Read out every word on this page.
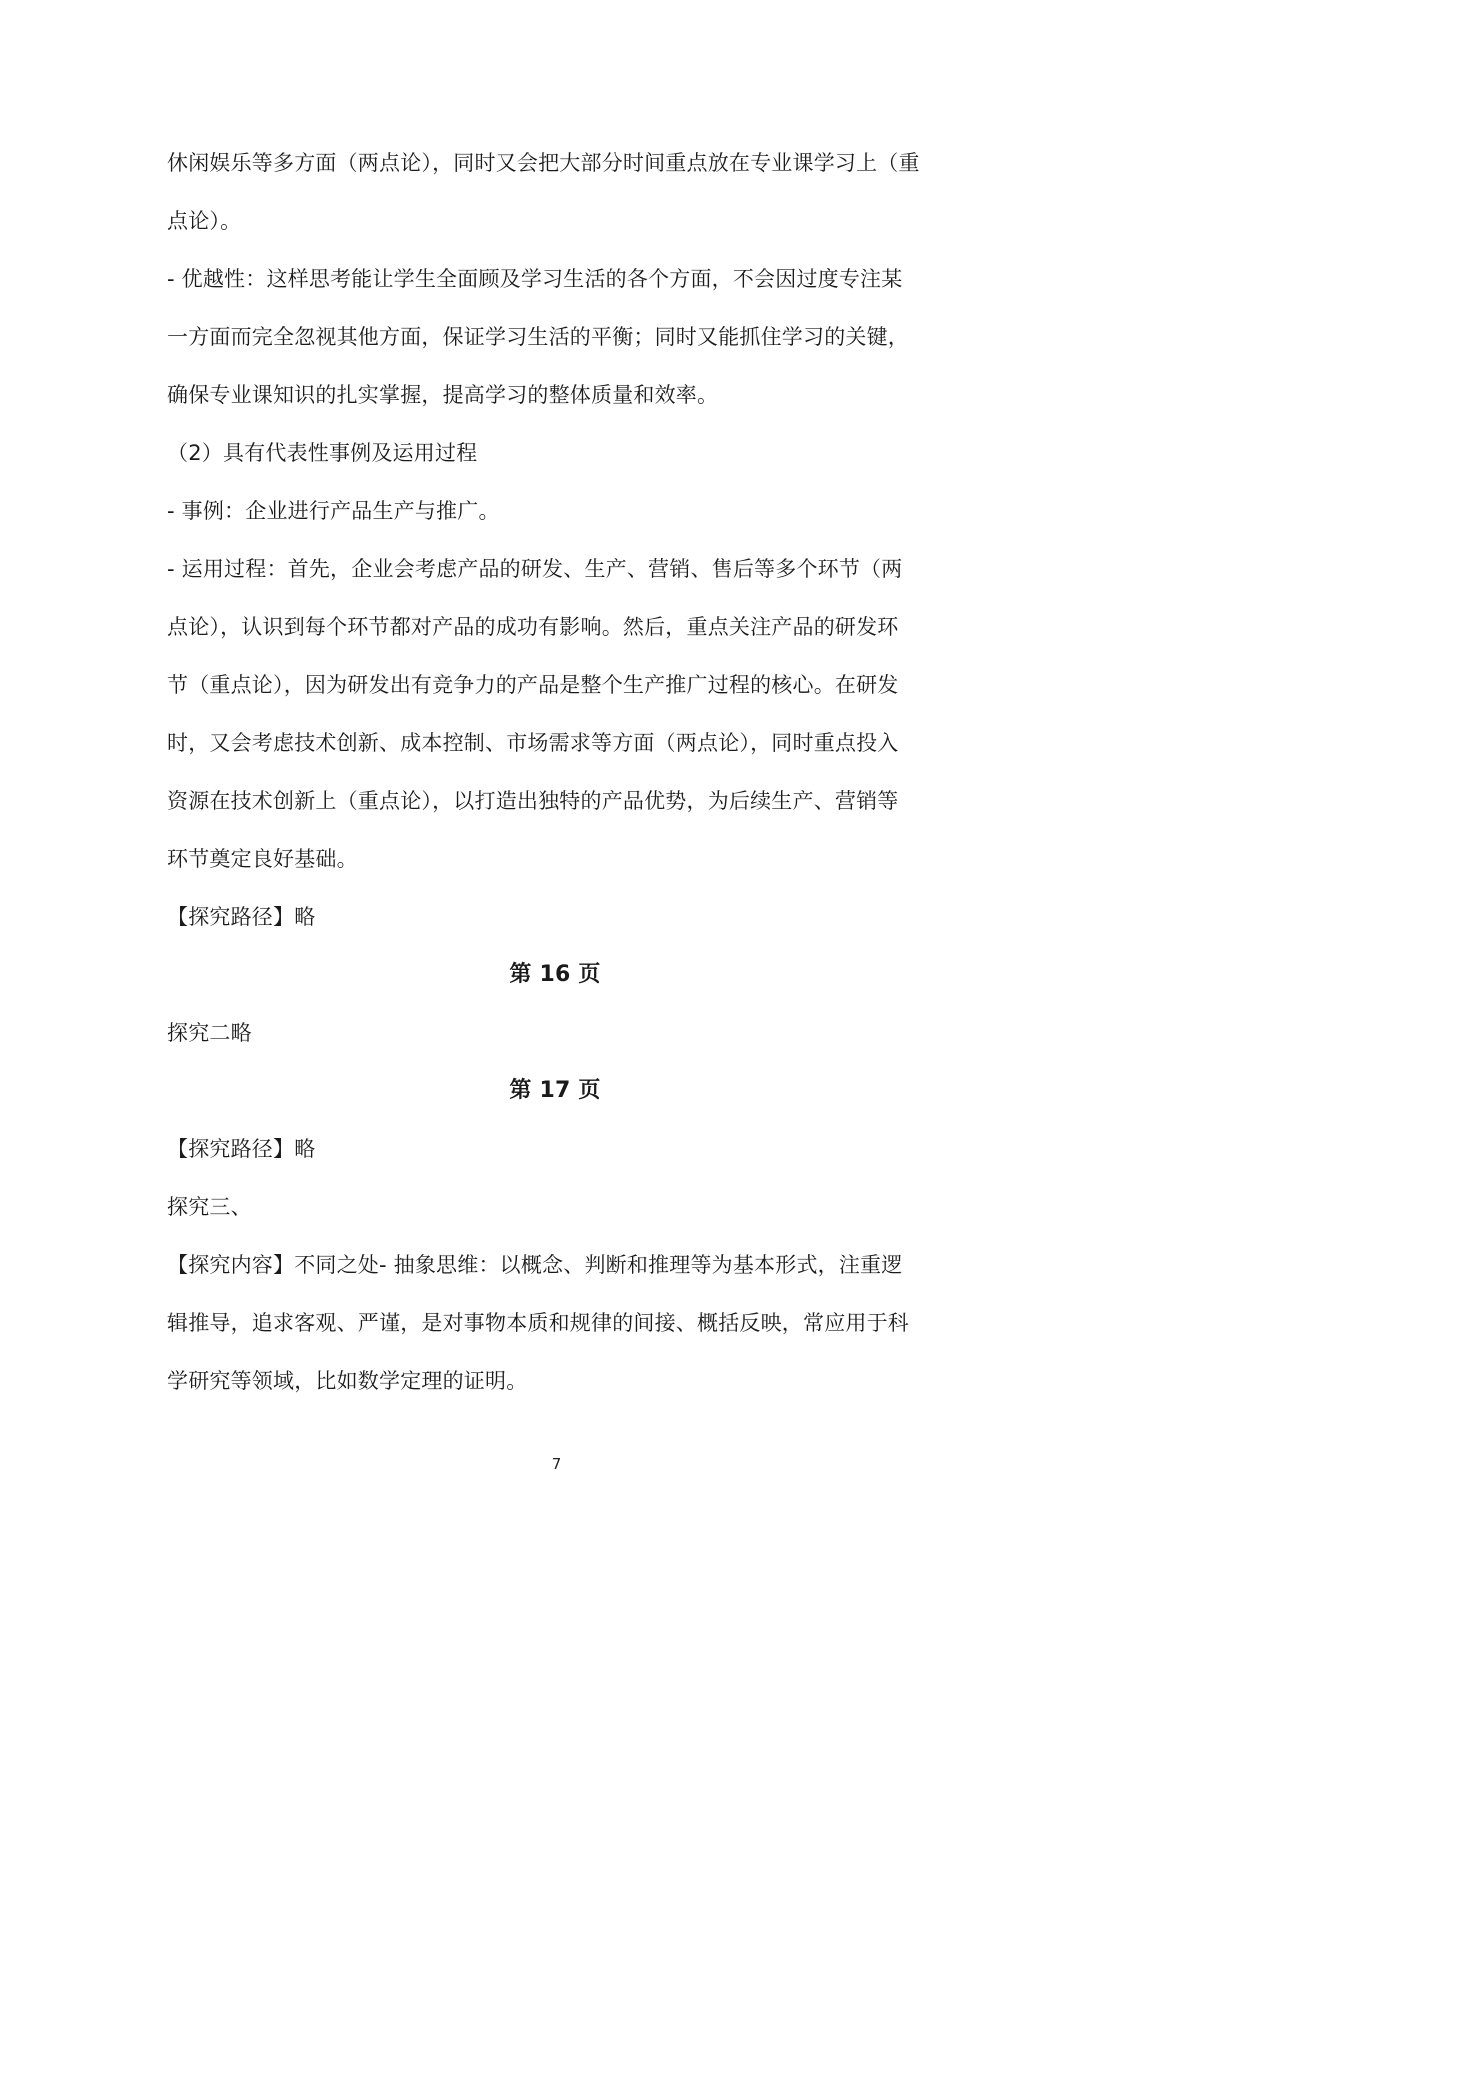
休闲娱乐等多方面（两点论），同时又会把大部分时间重点放在专业课学习上（重
点论）。
- 优越性：这样思考能让学生全面顾及学习生活的各个方面，不会因过度专注某
一方面而完全忽视其他方面，保证学习生活的平衡；同时又能抓住学习的关键，
确保专业课知识的扎实掌握，提高学习的整体质量和效率。
（2）具有代表性事例及运用过程
- 事例：企业进行产品生产与推广。
- 运用过程：首先，企业会考虑产品的研发、生产、营销、售后等多个环节（两
点论），认识到每个环节都对产品的成功有影响。然后，重点关注产品的研发环
节（重点论），因为研发出有竞争力的产品是整个生产推广过程的核心。在研发
时，又会考虑技术创新、成本控制、市场需求等方面（两点论），同时重点投入
资源在技术创新上（重点论），以打造出独特的产品优势，为后续生产、营销等
环节奠定良好基础。
【探究路径】略
第 16 页
探究二略
第 17 页
【探究路径】略
探究三、
【探究内容】不同之处- 抽象思维：以概念、判断和推理等为基本形式，注重逻
辑推导，追求客观、严谨，是对事物本质和规律的间接、概括反映，常应用于科
学研究等领域，比如数学定理的证明。
7
